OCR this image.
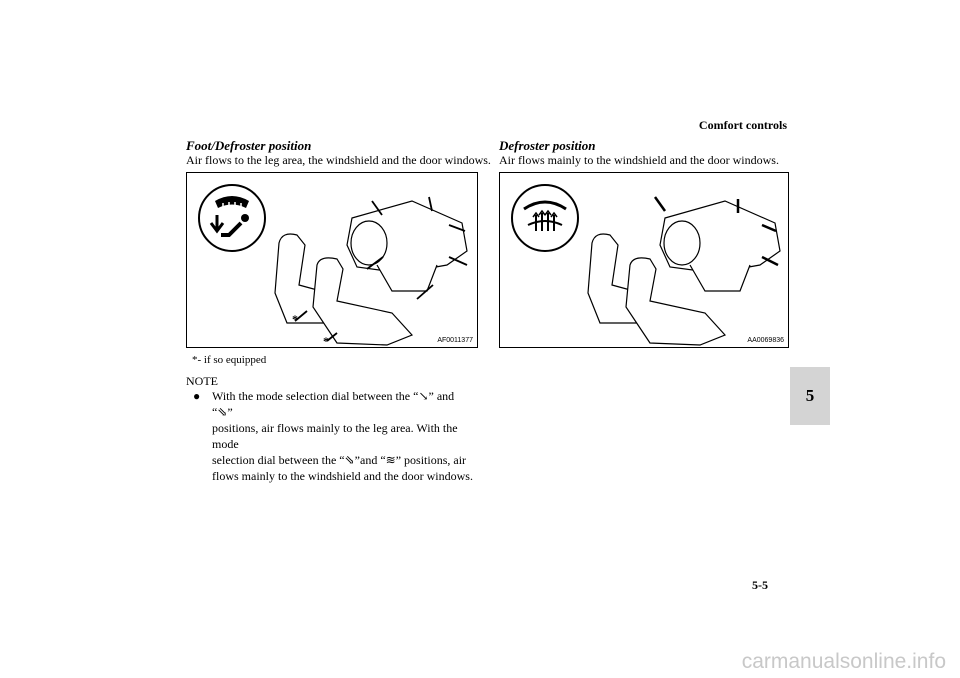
Comfort controls
Foot/Defroster position
Air flows to the leg area, the windshield and the door windows.
*
*	AF0011377
*- if so equipped
NOTE
● With the mode selection dial between the “↘” and “⇘”
positions, air flows mainly to the leg area. With the mode
selection dial between the “⇘”and “≋” positions, air
flows mainly to the windshield and the door windows.
Defroster position
Air flows mainly to the windshield and the door windows.
AA0069836
5
5-5
carmanualsonline.info
